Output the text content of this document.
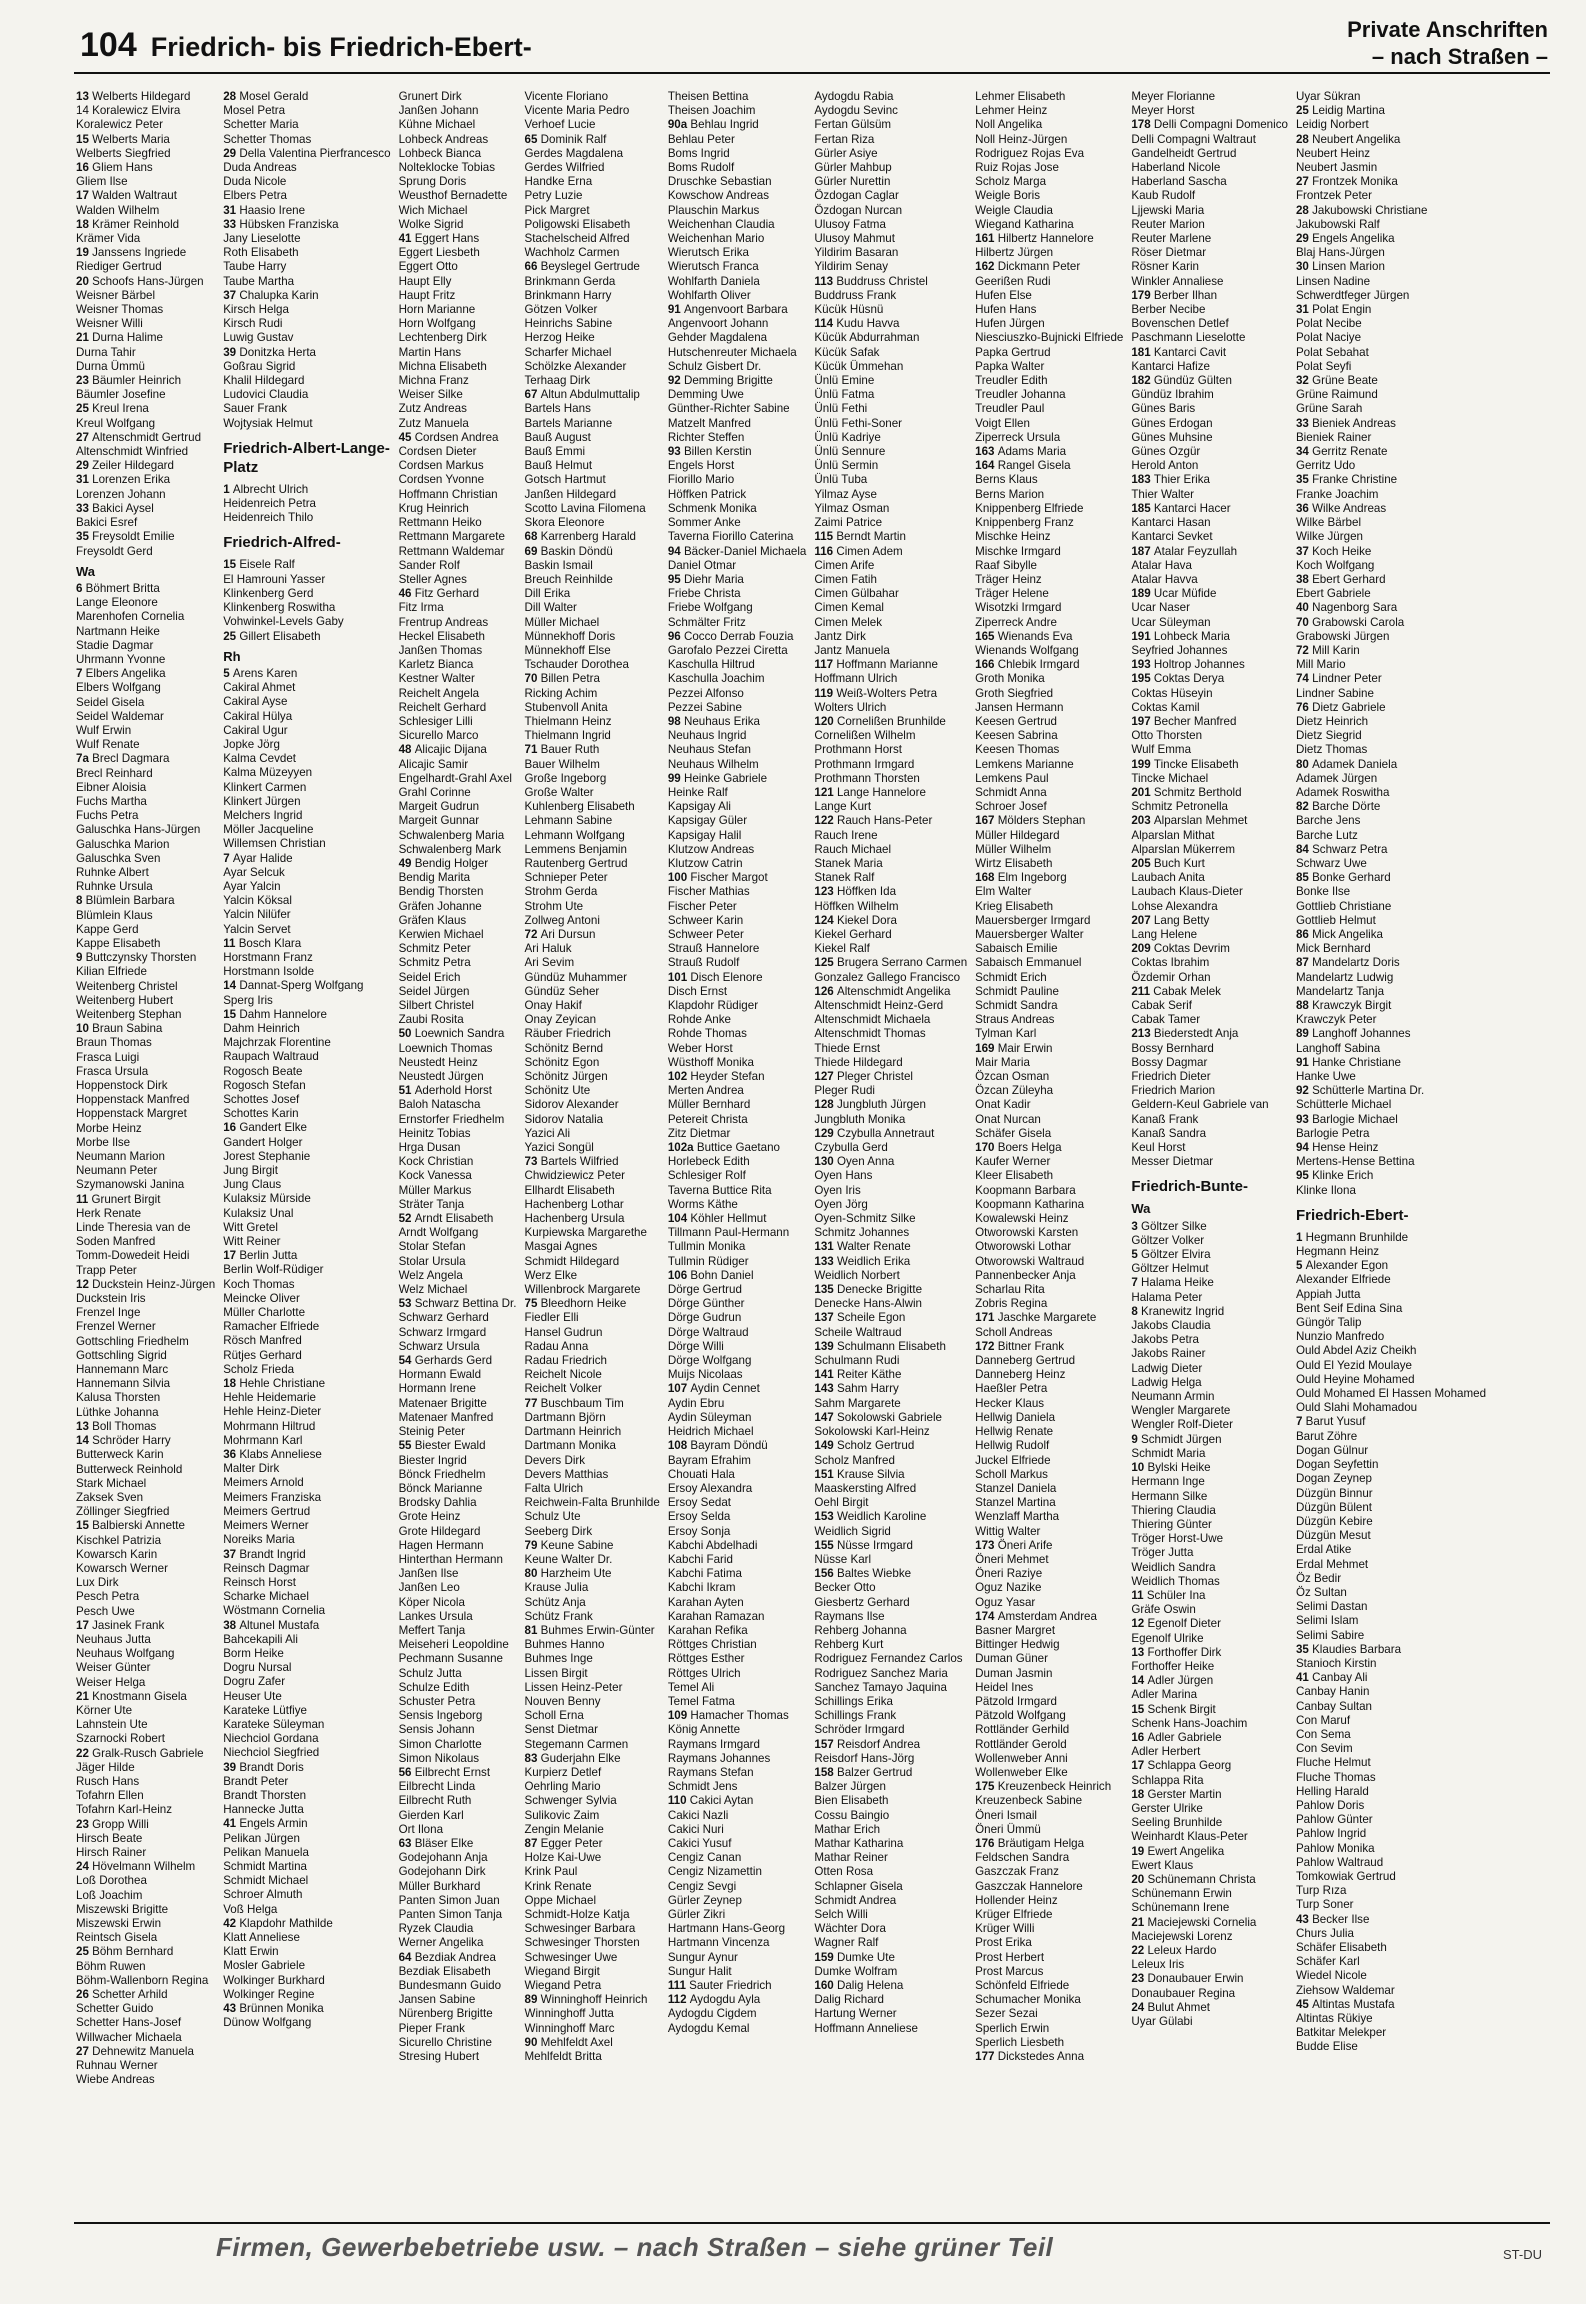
104 Friedrich- bis Friedrich-Ebert-
Private Anschriften
– nach Straßen –
13 Welberts Hildegard
14 Koralewicz Elvira
Koralewicz Peter
15 Welberts Maria
Welberts Siegfried
16 Gliem Hans
Gliem Ilse
17 Walden Waltraut
Walden Wilhelm
18 Krämer Reinhold
Krämer Vida
19 Janssens Ingriede
Riediger Gertrud
20 Schoofs Hans-Jürgen
Weisner Bärbel
Weisner Thomas
Weisner Willi
21 Durna Halime
Durna Tahir
Durna Ümmü
23 Bäumler Heinrich
Bäumler Josefine
25 Kreul Irena
Kreul Wolfgang
27 Altenschmidt Gertrud
Altenschmidt Winfried
29 Zeiler Hildegard
31 Lorenzen Erika
Lorenzen Johann
33 Bakici Aysel
Bakici Esref
35 Freysoldt Emilie
Freysoldt Gerd
Wa
6 Böhmert Britta
Lange Eleonore
Marenhofen Cornelia
Nartmann Heike
Stadie Dagmar
Uhrmann Yvonne
7 Elbers Angelika
Elbers Wolfgang
Seidel Gisela
Seidel Waldemar
Wulf Erwin
Wulf Renate
7a Brecl Dagmara
Brecl Reinhard
Eibner Aloisia
Fuchs Martha
Fuchs Petra
Galuschka Hans-Jürgen
Galuschka Marion
Galuschka Sven
Ruhnke Albert
Ruhnke Ursula
8 Blümlein Barbara
Blümlein Klaus
Kappe Gerd
Kappe Elisabeth
9 Buttczynsky Thorsten
Kilian Elfriede
Weitenberg Christel
Weitenberg Hubert
Weitenberg Stephan
10 Braun Sabina
Braun Thomas
Frasca Luigi
Frasca Ursula
Hoppenstock Dirk
Hoppenstack Manfred
Hoppenstack Margret
Morbe Heinz
Morbe Ilse
Neumann Marion
Neumann Peter
Szymanowski Janina
11 Grunert Birgit
Herk Renate
Linde Theresia van de
Soden Manfred
Tomm-Dowedeit Heidi
Trapp Peter
12 Duckstein Heinz-Jürgen
Duckstein Iris
Frenzel Inge
Frenzel Werner
Gottschling Friedhelm
Gottschling Sigrid
Hannemann Marc
Hannemann Silvia
Kalusa Thorsten
Lüthke Johanna
13 Boll Thomas
14 Schröder Harry
Butterweck Karin
Butterweck Reinhold
Stark Michael
Zaksek Sven
Zöllinger Siegfried
15 Balbierski Annette
Kischkel Patrizia
Kowarsch Karin
Kowarsch Werner
Lux Dirk
Pesch Petra
Pesch Uwe
17 Jasinek Frank
Neuhaus Jutta
Neuhaus Wolfgang
Weiser Günter
Weiser Helga
21 Knostmann Gisela
Körner Ute
Lahnstein Ute
Szarnocki Robert
22 Gralk-Rusch Gabriele
Jäger Hilde
Rusch Hans
Tofahrn Ellen
Tofahrn Karl-Heinz
23 Gropp Willi
Hirsch Beate
Hirsch Rainer
24 Hövelmann Wilhelm
Loß Dorothea
Loß Joachim
Miszewski Brigitte
Miszewski Erwin
Reintsch Gisela
25 Böhm Bernhard
Böhm Ruwen
Böhm-Wallenborn Regina
26 Schetter Arhild
Schetter Guido
Schetter Hans-Josef
Willwacher Michaela
27 Dehnewitz Manuela
Ruhnau Werner
Wiebe Andreas
28 Mosel Gerald
Mosel Petra
Schetter Maria
Schetter Thomas
29 Della Valentina Pierfrancesco
Duda Andreas
Duda Nicole
Elbers Petra
31 Haasio Irene
33 Hübsken Franziska
Jany Lieselotte
Roth Elisabeth
Taube Harry
Taube Martha
37 Chalupka Karin
Kirsch Helga
Kirsch Rudi
Luwig Gustav
39 Donitzka Herta
Goßrau Sigrid
Khalil Hildegard
Ludovici Claudia
Sauer Frank
Wojtysiak Helmut
Friedrich-Albert-Lange-Platz
1 Albrecht Ulrich
Heidenreich Petra
Heidenreich Thilo
Friedrich-Alfred-
15 Eisele Ralf
El Hamrouni Yasser
Klinkenberg Gerd
Klinkenberg Roswitha
Vohwinkel-Levels Gaby
25 Gillert Elisabeth
Rh
5 Arens Karen
Cakiral Ahmet
Cakiral Ayse
Cakiral Hülya
Cakiral Ugur
Jopke Jörg
Kalma Cevdet
Kalma Müzeyyen
Klinkert Carmen
Klinkert Jürgen
Melchers Ingrid
Möller Jacqueline
Willemsen Christian
7 Ayar Halide
Ayar Selcuk
Ayar Yalcin
Yalcin Köksal
Yalcin Nilüfer
Yalcin Servet
11 Bosch Klara
Horstmann Franz
Horstmann Isolde
14 Dannat-Sperg Wolfgang
Sperg Iris
15 Dahm Hannelore
Dahm Heinrich
Majchrzak Florentine
Raupach Waltraud
Rogosch Beate
Rogosch Stefan
Schottes Josef
Schottes Karin
16 Gandert Elke
Gandert Holger
Jorest Stephanie
Jung Birgit
Jung Claus
Kulaksiz Mürside
Kulaksiz Unal
Witt Gretel
Witt Reiner
17 Berlin Jutta
Berlin Wolf-Rüdiger
Koch Thomas
Meincke Oliver
Müller Charlotte
Ramacher Elfriede
Rösch Manfred
Rütjes Gerhard
Scholz Frieda
18 Hehle Christiane
Hehle Heidemarie
Hehle Heinz-Dieter
Mohrmann Hiltrud
Mohrmann Karl
36 Klabs Anneliese
Malter Dirk
Meimers Arnold
Meimers Franziska
Meimers Gertrud
Meimers Werner
Noreiks Maria
37 Brandt Ingrid
Reinsch Dagmar
Reinsch Horst
Scharke Michael
Wöstmann Cornelia
38 Altunel Mustafa
Bahcekapili Ali
Borm Heike
Dogru Nursal
Dogru Zafer
Heuser Ute
Karateke Lütfiye
Karateke Süleyman
Niechciol Gordana
Niechciol Siegfried
39 Brandt Doris
Brandt Peter
Brandt Thorsten
Hannecke Jutta
41 Engels Armin
Pelikan Jürgen
Pelikan Manuela
Schmidt Martina
Schmidt Michael
Schroer Almuth
Voß Helga
42 Klapdohr Mathilde
Klatt Anneliese
Klatt Erwin
Mosler Gabriele
Wolkinger Burkhard
Wolkinger Regine
43 Brünnen Monika
Dünow Wolfgang
Grunert Dirk
Janßen Johann
Kühne Michael
Lohbeck Andreas
Lohbeck Bianca
Nolteklocke Tobias
Sprung Doris
Weusthof Bernadette
Wich Michael
Wolke Sigrid
41 Eggert Hans
Eggert Liesbeth
Eggert Otto
Haupt Elly
Haupt Fritz
Horn Marianne
Horn Wolfgang
Lechtenberg Dirk
Martin Hans
Michna Elisabeth
Michna Franz
Weiser Silke
Zutz Andreas
Zutz Manuela
45 Cordsen Andrea
Cordsen Dieter
Cordsen Markus
Cordsen Yvonne
Hoffmann Christian
Krug Heinrich
Rettmann Heiko
Rettmann Margarete
Rettmann Waldemar
Sander Rolf
Steller Agnes
46 Fitz Gerhard
Fitz Irma
Frentrup Andreas
Heckel Elisabeth
Janßen Thomas
Karletz Bianca
Kestner Walter
Reichelt Angela
Reichelt Gerhard
Schlesiger Lilli
Sicurello Marco
48 Alicajic Dijana
Alicajic Samir
Engelhardt-Grahl Axel
Grahl Corinne
Margeit Gudrun
Margeit Gunnar
Schwalenberg Maria
Schwalenberg Mark
49 Bendig Holger
Bendig Marita
Bendig Thorsten
Gräfen Johanne
Gräfen Klaus
Kerwien Michael
Schmitz Peter
Schmitz Petra
Seidel Erich
Seidel Jürgen
Silbert Christel
Zaubi Rosita
50 Loewnich Sandra
Loewnich Thomas
Neustedt Heinz
Neustedt Jürgen
51 Aderhold Horst
Baloh Natascha
Ernstorfer Friedhelm
Heinitz Tobias
Hrga Dusan
Kock Christian
Kock Vanessa
Müller Markus
Sträter Tanja
52 Arndt Elisabeth
Arndt Wolfgang
Stolar Stefan
Stolar Ursula
Welz Angela
Welz Michael
53 Schwarz Bettina Dr.
Schwarz Gerhard
Schwarz Irmgard
Schwarz Ursula
54 Gerhards Gerd
Hormann Ewald
Hormann Irene
Matenaer Brigitte
Matenaer Manfred
Steinig Peter
55 Biester Ewald
Biester Ingrid
Bönck Friedhelm
Bönck Marianne
Brodsky Dahlia
Grote Heinz
Grote Hildegard
Hagen Hermann
Hinterthan Hermann
Janßen Ilse
Janßen Leo
Köper Nicola
Lankes Ursula
Meffert Tanja
Meiseheri Leopoldine
Pechmann Susanne
Schulz Jutta
Schulze Edith
Schuster Petra
Sensis Ingeborg
Sensis Johann
Simon Charlotte
Simon Nikolaus
56 Eilbrecht Ernst
Eilbrecht Linda
Eilbrecht Ruth
Gierden Karl
Ort Ilona
63 Bläser Elke
Godejohann Anja
Godejohann Dirk
Müller Burkhard
Panten Simon Juan
Panten Simon Tanja
Ryzek Claudia
Werner Angelika
64 Bezdiak Andrea
Bezdiak Elisabeth
Bundesmann Guido
Jansen Sabine
Nürenberg Brigitte
Pieper Frank
Sicurello Christine
Stresing Hubert
Vicente Floriano
Vicente Maria Pedro
Verhoef Lucie
65 Dominik Ralf
Gerdes Magdalena
Gerdes Wilfried
Handke Erna
Petry Luzie
Pick Margret
Poligowski Elisabeth
Stachelscheid Alfred
Wachholz Carmen
66 Beyslegel Gertrude
Brinkmann Gerda
Brinkmann Harry
Götzen Volker
Heinrichs Sabine
Herzog Heike
Scharfer Michael
Schölzke Alexander
Terhaag Dirk
67 Altun Abdulmuttalip
Bartels Hans
Bartels Marianne
Bauß August
Bauß Emmi
Bauß Helmut
Gotsch Hartmut
Janßen Hildegard
Scotto Lavina Filomena
Skora Eleonore
68 Karrenberg Harald
69 Baskin Döndü
Baskin Ismail
Breuch Reinhilde
Dill Erika
Dill Walter
Müller Michael
Münnekhoff Doris
Münnekhoff Else
Tschauder Dorothea
70 Billen Petra
Ricking Achim
Stubenvoll Anita
Thielmann Heinz
Thielmann Ingrid
71 Bauer Ruth
Bauer Wilhelm
Große Ingeborg
Große Walter
Kuhlenberg Elisabeth
Lehmann Sabine
Lehmann Wolfgang
Lemmens Benjamin
Rautenberg Gertrud
Schnieper Peter
Strohm Gerda
Strohm Ute
Zollweg Antoni
72 Ari Dursun
Ari Haluk
Ari Sevim
Gündüz Muhammer
Gündüz Seher
Onay Hakif
Onay Zeyican
Räuber Friedrich
Schönitz Bernd
Schönitz Egon
Schönitz Jürgen
Schönitz Ute
Sidorov Alexander
Sidorov Natalia
Yazici Ali
Yazici Songül
73 Bartels Wilfried
Chwidziewicz Peter
Ellhardt Elisabeth
Hachenberg Lothar
Hachenberg Ursula
Kurpiewska Margarethe
Masgai Agnes
Schmidt Hildegard
Werz Elke
Willenbrock Margarete
75 Bleedhorn Heike
Fiedler Elli
Hansel Gudrun
Radau Anna
Radau Friedrich
Reichelt Nicole
Reichelt Volker
77 Buschbaum Tim
Dartmann Björn
Dartmann Heinrich
Dartmann Monika
Devers Dirk
Devers Matthias
Falta Ulrich
Reichwein-Falta Brunhilde
Schulz Ute
Seeberg Dirk
79 Keune Sabine
Keune Walter Dr.
80 Harzheim Ute
Krause Julia
Schütz Anja
Schütz Frank
81 Buhmes Erwin-Günter
Buhmes Hanno
Buhmes Inge
Lissen Birgit
Lissen Heinz-Peter
Nouven Benny
Scholl Erna
Senst Dietmar
Stegemann Carmen
83 Guderjahn Elke
Kurpierz Detlef
Oehrling Mario
Schwenger Sylvia
Sulikovic Zaim
Zengin Melanie
87 Egger Peter
Holze Kai-Uwe
Krink Paul
Krink Renate
Oppe Michael
Schmidt-Holze Katja
Schwesinger Barbara
Schwesinger Thorsten
Schwesinger Uwe
Wiegand Birgit
Wiegand Petra
89 Winninghoff Heinrich
Winninghoff Jutta
Winninghoff Marc
90 Mehlfeldt Axel
Mehlfeldt Britta
Theisen Bettina
Theisen Joachim
90a Behlau Ingrid
Behlau Peter
Boms Ingrid
Boms Rudolf
Druschke Sebastian
Kowschow Andreas
Plauschin Markus
Weichenhan Claudia
Weichenhan Mario
Wierutsch Erika
Wierutsch Franca
Wohlfarth Daniela
Wohlfarth Oliver
91 Angenvoort Barbara
Angenvoort Johann
Gehder Magdalena
Hutschenreuter Michaela
Schulz Gisbert Dr.
92 Demming Brigitte
Demming Uwe
Günther-Richter Sabine
Matzelt Manfred
Richter Steffen
93 Billen Kerstin
Engels Horst
Fiorillo Mario
Höffken Patrick
Schmenk Monika
Sommer Anke
Taverna Fiorillo Caterina
94 Bäcker-Daniel Michaela
Daniel Otmar
95 Diehr Maria
Friebe Christa
Friebe Wolfgang
Schmälter Fritz
96 Cocco Derrab Fouzia
Garofalo Pezzei Ciretta
Kaschulla Hiltrud
Kaschulla Joachim
Pezzei Alfonso
Pezzei Sabine
98 Neuhaus Erika
Neuhaus Ingrid
Neuhaus Stefan
Neuhaus Wilhelm
99 Heinke Gabriele
Heinke Ralf
Kapsigay Ali
Kapsigay Güler
Kapsigay Halil
Klutzow Andreas
Klutzow Catrin
100 Fischer Margot
Fischer Mathias
Fischer Peter
Schweer Karin
Schweer Peter
Strauß Hannelore
Strauß Rudolf
101 Disch Elenore
Disch Ernst
Klapdohr Rüdiger
Rohde Anke
Rohde Thomas
Weber Horst
Wüsthoff Monika
102 Heyder Stefan
Merten Andrea
Müller Bernhard
Petereit Christa
Zitz Dietmar
102a Buttice Gaetano
Horlebeck Edith
Schlesiger Rolf
Taverna Buttice Rita
Worms Käthe
104 Köhler Hellmut
Tillmann Paul-Hermann
Tullmin Monika
Tullmin Rüdiger
106 Bohn Daniel
Dörge Gertrud
Dörge Günther
Dörge Gudrun
Dörge Waltraud
Dörge Willi
Dörge Wolfgang
Muijs Nicolaas
107 Aydin Cennet
Aydin Ebru
Aydin Süleyman
Heidrich Michael
108 Bayram Döndü
Bayram Efrahim
Chouati Hala
Ersoy Alexandra
Ersoy Sedat
Ersoy Selda
Ersoy Sonja
Kabchi Abdelhadi
Kabchi Farid
Kabchi Fatima
Kabchi Ikram
Karahan Ayten
Karahan Ramazan
Karahan Refika
Röttges Christian
Röttges Esther
Röttges Ulrich
Temel Ali
Temel Fatma
109 Hamacher Thomas
König Annette
Raymans Irmgard
Raymans Johannes
Raymans Stefan
Schmidt Jens
110 Cakici Aytan
Cakici Nazli
Cakici Nuri
Cakici Yusuf
Cengiz Canan
Cengiz Nizamettin
Cengiz Sevgi
Gürler Zeynep
Gürler Zikri
Hartmann Hans-Georg
Hartmann Vincenza
Sungur Aynur
Sungur Halit
111 Sauter Friedrich
112 Aydogdu Ayla
Aydogdu Cigdem
Aydogdu Kemal
Aydogdu Rabia
Aydogdu Sevinc
Fertan Gülsüm
Fertan Riza
Gürler Asiye
Gürler Mahbup
Gürler Nurettin
Özdogan Caglar
Özdogan Nurcan
Ulusoy Fatma
Ulusoy Mahmut
Yildirim Basaran
Yildirim Senay
113 Buddruss Christel
Buddruss Frank
Kücük Hüsnü
114 Kudu Havva
Kücük Abdurrahman
Kücük Safak
Kücük Ümmehan
Ünlü Emine
Ünlü Fatma
Ünlü Fethi
Ünlü Fethi-Soner
Ünlü Kadriye
Ünlü Sennure
Ünlü Sermin
Ünlü Tuba
Yilmaz Ayse
Yilmaz Osman
Zaimi Patrice
115 Berndt Martin
116 Cimen Adem
Cimen Arife
Cimen Fatih
Cimen Gülbahar
Cimen Kemal
Cimen Melek
Jantz Dirk
Jantz Manuela
117 Hoffmann Marianne
Hoffmann Ulrich
119 Weiß-Wolters Petra
Wolters Ulrich
120 Cornelißen Brunhilde
Cornelißen Wilhelm
Prothmann Horst
Prothmann Irmgard
Prothmann Thorsten
121 Lange Hannelore
Lange Kurt
122 Rauch Hans-Peter
Rauch Irene
Rauch Michael
Stanek Maria
Stanek Ralf
123 Höffken Ida
Höffken Wilhelm
124 Kiekel Dora
Kiekel Gerhard
Kiekel Ralf
125 Brugera Serrano Carmen
Gonzalez Gallego Francisco
126 Altenschmidt Angelika
Altenschmidt Heinz-Gerd
Altenschmidt Michaela
Altenschmidt Thomas
Thiede Ernst
Thiede Hildegard
127 Pleger Christel
Pleger Rudi
128 Jungbluth Jürgen
Jungbluth Monika
129 Czybulla Annetraut
Czybulla Gerd
130 Oyen Anna
Oyen Hans
Oyen Iris
Oyen Jörg
Oyen-Schmitz Silke
Schmitz Johannes
131 Walter Renate
133 Weidlich Erika
Weidlich Norbert
135 Denecke Brigitte
Denecke Hans-Alwin
137 Scheile Egon
Scheile Waltraud
139 Schulmann Elisabeth
Schulmann Rudi
141 Reiter Käthe
143 Sahm Harry
Sahm Margarete
147 Sokolowski Gabriele
Sokolowski Karl-Heinz
149 Scholz Gertrud
Scholz Manfred
151 Krause Silvia
Maaskersting Alfred
Oehl Birgit
153 Weidlich Karoline
Weidlich Sigrid
155 Nüsse Irmgard
Nüsse Karl
156 Baltes Wiebke
Becker Otto
Giesbertz Gerhard
Raymans Ilse
Rehberg Johanna
Rehberg Kurt
Rodriguez Fernandez Carlos
Rodriguez Sanchez Maria
Sanchez Tamayo Jaquina
Schillings Erika
Schillings Frank
Schröder Irmgard
157 Reisdorf Andrea
Reisdorf Hans-Jörg
158 Balzer Gertrud
Balzer Jürgen
Bien Elisabeth
Cossu Baingio
Mathar Erich
Mathar Katharina
Mathar Reiner
Otten Rosa
Schlapner Gisela
Schmidt Andrea
Selch Willi
Wächter Dora
Wagner Ralf
159 Dumke Ute
Dumke Wolfram
160 Dalig Helena
Dalig Richard
Hartung Werner
Hoffmann Anneliese
Lehmer Elisabeth
Lehmer Heinz
Noll Angelika
Noll Heinz-Jürgen
Rodriguez Rojas Eva
Ruiz Rojas Jose
Scholz Marga
Weigle Boris
Weigle Claudia
Wiegand Katharina
161 Hilbertz Hannelore
Hilbertz Jürgen
162 Dickmann Peter
Geerißen Rudi
Hufen Else
Hufen Hans
Hufen Jürgen
Niesciuszko-Bujnicki Elfriede
Papka Gertrud
Papka Walter
Treudler Edith
Treudler Johanna
Treudler Paul
Voigt Ellen
Ziperreck Ursula
163 Adams Maria
164 Rangel Gisela
Berns Klaus
Berns Marion
Knippenberg Elfriede
Knippenberg Franz
Mischke Heinz
Mischke Irmgard
Raaf Sibylle
Träger Heinz
Träger Helene
Wisotzki Irmgard
Ziperreck Andre
165 Wienands Eva
Wienands Wolfgang
166 Chlebik Irmgard
Groth Monika
Groth Siegfried
Jansen Hermann
Keesen Gertrud
Keesen Sabrina
Keesen Thomas
Lemkens Marianne
Lemkens Paul
Schmidt Anna
Schroer Josef
167 Mölders Stephan
Müller Hildegard
Müller Wilhelm
Wirtz Elisabeth
168 Elm Ingeborg
Elm Walter
Krieg Elisabeth
Mauersberger Irmgard
Mauersberger Walter
Sabaisch Emilie
Sabaisch Emmanuel
Schmidt Erich
Schmidt Pauline
Schmidt Sandra
Straus Andreas
Tylman Karl
169 Mair Erwin
Mair Maria
Özcan Osman
Özcan Züleyha
Onat Kadir
Onat Nurcan
Schäfer Gisela
170 Boers Helga
Kaufer Werner
Kleer Elisabeth
Koopmann Barbara
Koopmann Katharina
Kowalewski Heinz
Otworowski Karsten
Otworowski Lothar
Otworowski Waltraud
Pannenbecker Anja
Scharlau Rita
Zobris Regina
171 Jaschke Margarete
Scholl Andreas
172 Bittner Frank
Danneberg Gertrud
Danneberg Heinz
Haeßler Petra
Hecker Klaus
Hellwig Daniela
Hellwig Renate
Hellwig Rudolf
Juckel Elfriede
Scholl Markus
Stanzel Daniela
Stanzel Martina
Wenzlaff Martha
Wittig Walter
173 Öneri Arife
Öneri Mehmet
Öneri Raziye
Oguz Nazike
Oguz Yasar
174 Amsterdam Andrea
Basner Margret
Bittinger Hedwig
Duman Güner
Duman Jasmin
Heidel Ines
Pätzold Irmgard
Pätzold Wolfgang
Rottländer Gerhild
Rottländer Gerold
Wollenweber Anni
Wollenweber Elke
175 Kreuzenbeck Heinrich
Kreuzenbeck Sabine
Öneri Ismail
Öneri Ümmü
176 Bräutigam Helga
Feldschen Sandra
Gaszczak Franz
Gaszczak Hannelore
Hollender Heinz
Krüger Elfriede
Krüger Willi
Prost Erika
Prost Herbert
Prost Marcus
Schönfeld Elfriede
Schumacher Monika
Sezer Sezai
Sperlich Erwin
Sperlich Liesbeth
177 Dickstedes Anna
Meyer Florianne
Meyer Horst
178 Delli Compagni Domenico
Delli Compagni Waltraut
Gandelheidt Gertrud
Haberland Nicole
Haberland Sascha
Kaub Rudolf
Ljjewski Maria
Reuter Marion
Reuter Marlene
Röser Dietmar
Rösner Karin
Winkler Annaliese
179 Berber Ilhan
Berber Necibe
Bovenschen Detlef
Paschmann Lieselotte
181 Kantarci Cavit
Kantarci Hafize
182 Gündüz Gülten
Gündüz Ibrahim
Günes Baris
Günes Erdogan
Günes Muhsine
Günes Ozgür
Herold Anton
183 Thier Erika
Thier Walter
185 Kantarci Hacer
Kantarci Hasan
Kantarci Sevket
187 Atalar Feyzullah
Atalar Hava
Atalar Havva
189 Ucar Müfide
Ucar Naser
Ucar Süleyman
191 Lohbeck Maria
Seyfried Johannes
193 Holtrop Johannes
195 Coktas Derya
Coktas Hüseyin
Coktas Kamil
197 Becher Manfred
Otto Thorsten
Wulf Emma
199 Tincke Elisabeth
Tincke Michael
201 Schmitz Berthold
Schmitz Petronella
203 Alparslan Mehmet
Alparslan Mithat
Alparslan Mükerrem
205 Buch Kurt
Laubach Anita
Laubach Klaus-Dieter
Lohse Alexandra
207 Lang Betty
Lang Helene
209 Coktas Devrim
Coktas Ibrahim
Özdemir Orhan
211 Cabak Melek
Cabak Serif
Cabak Tamer
213 Biederstedt Anja
Bossy Bernhard
Bossy Dagmar
Friedrich Dieter
Friedrich Marion
Geldern-Keul Gabriele van
Kanaß Frank
Kanaß Sandra
Keul Horst
Messer Dietmar
Friedrich-Bunte-
Wa
3 Göltzer Silke
Göltzer Volker
5 Göltzer Elvira
Göltzer Helmut
7 Halama Heike
Halama Peter
8 Kranewitz Ingrid
Jakobs Claudia
Jakobs Petra
Jakobs Rainer
Ladwig Dieter
Ladwig Helga
Neumann Armin
Wengler Margarete
Wengler Rolf-Dieter
9 Schmidt Jürgen
Schmidt Maria
10 Bylski Heike
Hermann Inge
Hermann Silke
Thiering Claudia
Thiering Günter
Tröger Horst-Uwe
Tröger Jutta
Weidlich Sandra
Weidlich Thomas
11 Schüler Ina
Gräfe Oswin
12 Egenolf Dieter
Egenolf Ulrike
13 Forthoffer Dirk
Forthoffer Heike
14 Adler Jürgen
Adler Marina
15 Schenk Birgit
Schenk Hans-Joachim
16 Adler Gabriele
Adler Herbert
17 Schlappa Georg
Schlappa Rita
18 Gerster Martin
Gerster Ulrike
Seeling Brunhilde
Weinhardt Klaus-Peter
19 Ewert Angelika
Ewert Klaus
20 Schünemann Christa
Schünemann Erwin
Schünemann Irene
21 Maciejewski Cornelia
Maciejewski Lorenz
22 Leleux Hardo
Leleux Iris
23 Donaubauer Erwin
Donaubauer Regina
24 Bulut Ahmet
Uyar Gülabi
Uyar Sükran
25 Leidig Martina
Leidig Norbert
28 Neubert Angelika
Neubert Heinz
Neubert Jasmin
27 Frontzek Monika
Frontzek Peter
28 Jakubowski Christiane
Jakubowski Ralf
29 Engels Angelika
Blaj Hans-Jürgen
30 Linsen Marion
Linsen Nadine
Schwerdtfeger Jürgen
31 Polat Engin
Polat Necibe
Polat Naciye
Polat Sebahat
Polat Seyfi
32 Grüne Beate
Grüne Raimund
Grüne Sarah
33 Bieniek Andreas
Bieniek Rainer
34 Gerritz Renate
Gerritz Udo
35 Franke Christine
Franke Joachim
36 Wilke Andreas
Wilke Bärbel
Wilke Jürgen
37 Koch Heike
Koch Wolfgang
38 Ebert Gerhard
Ebert Gabriele
40 Nagenborg Sara
70 Grabowski Carola
Grabowski Jürgen
72 Mill Karin
Mill Mario
74 Lindner Peter
Lindner Sabine
76 Dietz Gabriele
Dietz Heinrich
Dietz Siegrid
Dietz Thomas
80 Adamek Daniela
Adamek Jürgen
Adamek Roswitha
82 Barche Dörte
Barche Jens
Barche Lutz
84 Schwarz Petra
Schwarz Uwe
85 Bonke Gerhard
Bonke Ilse
Gottlieb Christiane
Gottlieb Helmut
86 Mick Angelika
Mick Bernhard
87 Mandelartz Doris
Mandelartz Ludwig
Mandelartz Tanja
88 Krawczyk Birgit
Krawczyk Peter
89 Langhoff Johannes
Langhoff Sabina
91 Hanke Christiane
Hanke Uwe
92 Schütterle Martina Dr.
Schütterle Michael
93 Barlogie Michael
Barlogie Petra
94 Hense Heinz
Mertens-Hense Bettina
95 Klinke Erich
Klinke Ilona
Friedrich-Ebert-
1 Hegmann Brunhilde
Hegmann Heinz
5 Alexander Egon
Alexander Elfriede
Appiah Jutta
Bent Seif Edina Sina
Güngör Talip
Nunzio Manfredo
Ould Abdel Aziz Cheikh
Ould El Yezid Moulaye
Ould Heyine Mohamed
Ould Mohamed El Hassen Mohamed
Ould Slahi Mohamadou
7 Barut Yusuf
Barut Zöhre
Dogan Gülnur
Dogan Seyfettin
Dogan Zeynep
Düzgün Binnur
Düzgün Bülent
Düzgün Kebire
Düzgün Mesut
Erdal Atike
Erdal Mehmet
Öz Bedir
Öz Sultan
Selimi Dastan
Selimi Islam
Selimi Sabire
35 Klaudies Barbara
Stanioch Kirstin
41 Canbay Ali
Canbay Hanin
Canbay Sultan
Con Maruf
Con Sema
Con Sevim
Fluche Helmut
Fluche Thomas
Helling Harald
Pahlow Doris
Pahlow Günter
Pahlow Ingrid
Pahlow Monika
Pahlow Waltraud
Tomkowiak Gertrud
Turp Rıza
Turp Soner
43 Becker Ilse
Churs Julia
Schäfer Elisabeth
Schäfer Karl
Wiedel Nicole
Ziehsow Waldemar
45 Altintas Mustafa
Altintas Rükiye
Batkitar Melekper
Budde Elise
Firmen, Gewerbebetriebe usw. – nach Straßen – siehe grüner Teil	ST-DU
